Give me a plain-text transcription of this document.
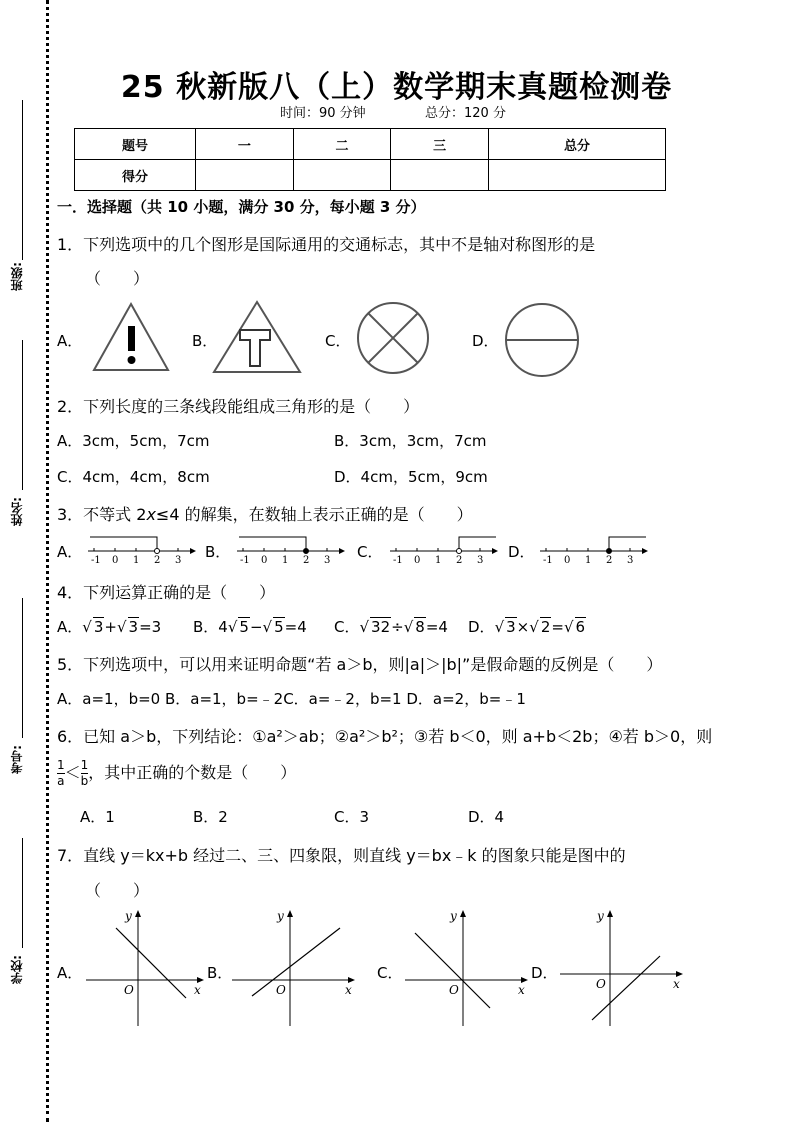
班级:
姓名:
考号:
学校:
25 秋新版八（上）数学期末真题检测卷
时间：90 分钟	总分：120 分
题号	一	二	三	总分
得分				
一．选择题（共 10 小题，满分 30 分，每小题 3 分）
1．下列选项中的几个图形是国际通用的交通标志，其中不是轴对称图形的是
（　　）
A．	B．	C．	D．
2．下列长度的三条线段能组成三角形的是（　　）
A．3cm，5cm，7cm	B．3cm，3cm，7cm
C．4cm，4cm，8cm	D．4cm，5cm，9cm
3．不等式 2x≤4 的解集，在数轴上表示正确的是（　　）
A．	B．	C．	D．
-1 0 1 2 3	-1 0 1 2 3	-1 0 1 2 3	-1 0 1 2 3
4．下列运算正确的是（　　）
A．√ 3+√ 3=3 B．4√ 5−√ 5=4 C．√ 32÷√ 8=4 D．√ 3×√ 2=√ 6
5．下列选项中，可以用来证明命题“若 a＞b，则|a|＞|b|”是假命题的反例是（　　）
A．a=1，b=0 B．a=1，b=﹣2C．a=﹣2，b=1 D．a=2，b=﹣1
6．已知 a＞b，下列结论：①a²＞ab；②a²＞b²；③若 b＜0，则 a+b＜2b；④若 b＞0，则
$\frac{1}{a} < \frac{1}{b}$ ，其中正确的个数是（　　）
A．1	B．2	C．3	D．4
7．直线 y＝kx+b 经过二、三、四象限，则直线 y＝bx﹣k 的图象只能是图中的
（　　）
A．	B．	C．	D．
y
x
O
y
x
O
y
x
O
y
x
O
